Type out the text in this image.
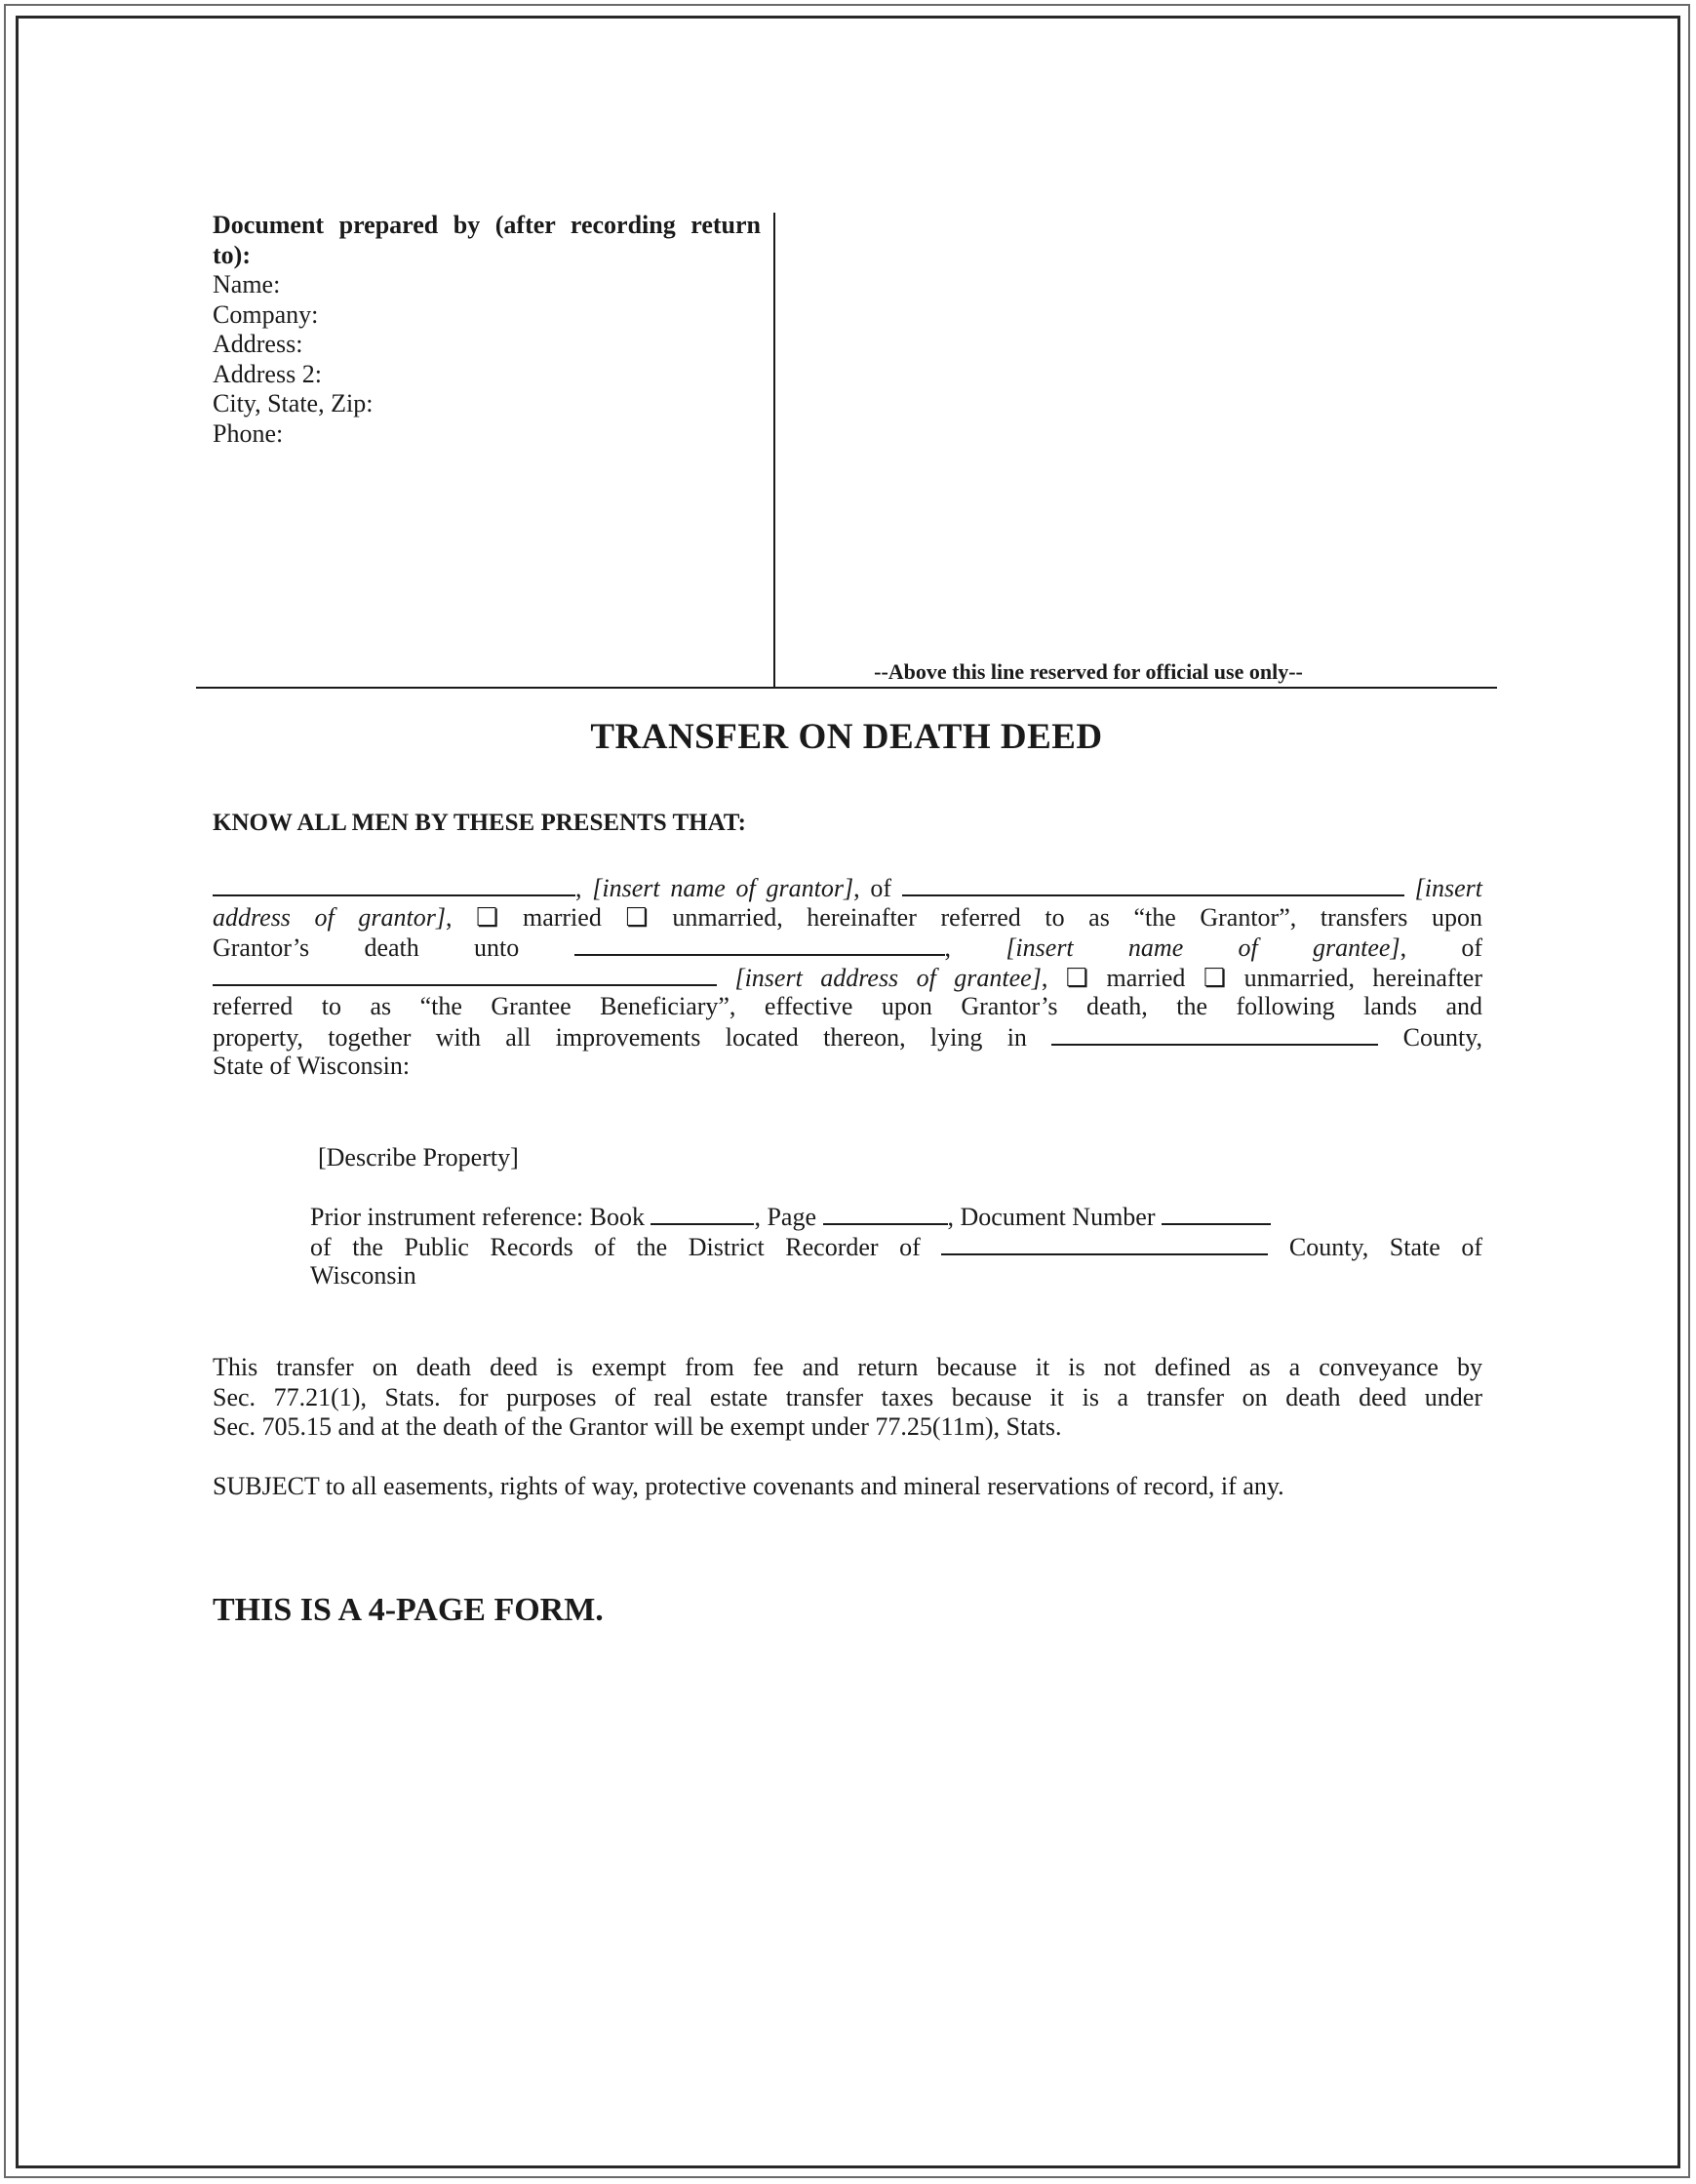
Document prepared by (after recording return to):
Name:
Company:
Address:
Address 2:
City, State, Zip:
Phone:
--Above this line reserved for official use only--
TRANSFER ON DEATH DEED
KNOW ALL MEN BY THESE PRESENTS THAT:
, [insert name of grantor], of	[insert
address of grantor], ❏ married ❏ unmarried, hereinafter referred to as “the Grantor”, transfers upon
Grantor’s death unto	, [insert name of grantee], of
[insert address of grantee], ❏ married ❏ unmarried, hereinafter
referred to as “the Grantee Beneficiary”, effective upon Grantor’s death, the following lands and
property, together with all improvements located thereon, lying in	County,
State of Wisconsin:
[Describe Property]
Prior instrument reference: Book	, Page	, Document Number
of the Public Records of the District Recorder of	County, State of
Wisconsin
This transfer on death deed is exempt from fee and return because it is not defined as a conveyance by
Sec. 77.21(1), Stats. for purposes of real estate transfer taxes because it is a transfer on death deed under
Sec. 705.15 and at the death of the Grantor will be exempt under 77.25(11m), Stats.
SUBJECT to all easements, rights of way, protective covenants and mineral reservations of record, if any.
THIS IS A 4-PAGE FORM.
